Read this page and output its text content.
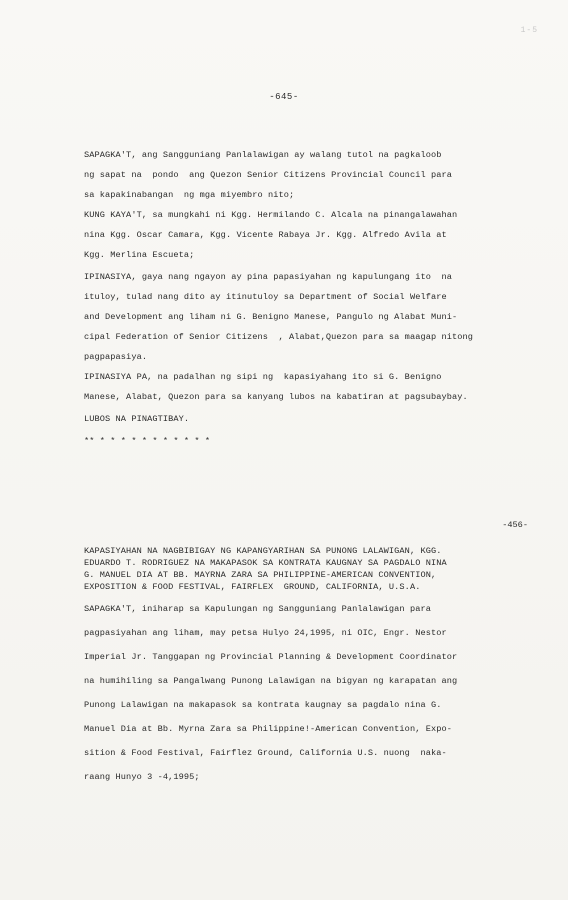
1-5
-645-

SAPAGKA'T, ang Sangguniang Panlalawigan ay walang tutol na pagkaloob

ng sapat na  pondo  ang Quezon Senior Citizens Provincial Council para

sa kapakinabangan  ng mga miyembro nito;

KUNG KAYA'T, sa mungkahi ni Kgg. Hermilando C. Alcala na pinangalawahan

nina Kgg. Oscar Camara, Kgg. Vicente Rabaya Jr. Kgg. Alfredo Avila at

Kgg. Merlina Escueta;

IPINASIYA, gaya nang ngayon ay pina papasiyahan ng kapulungang ito  na

ituloy, tulad nang dito ay itinutuloy sa Department of Social Welfare

and Development ang liham ni G. Benigno Manese, Pangulo ng Alabat Muni-

cipal Federation of Senior Citizens  , Alabat,Quezon para sa maagap nitong

pagpapasiya.

IPINASIYA PA, na padalhan ng sipi ng  kapasiyahang ito si G. Benigno

Manese, Alabat, Quezon para sa kanyang lubos na kabatiran at pagsubaybay.

LUBOS NA PINAGTIBAY.

** * * * * * * * * * * *

-456-

KAPASIYAHAN NA NAGBIBIGAY NG KAPANGYARIHAN SA PUNONG LALAWIGAN, KGG.

EDUARDO T. RODRIGUEZ NA MAKAPASOK SA KONTRATA KAUGNAY SA PAGDALO NINA

G. MANUEL DIA AT BB. MAYRNA ZARA SA PHILIPPINE-AMERICAN CONVENTION,

EXPOSITION & FOOD FESTIVAL, FAIRFLEX  GROUND, CALIFORNIA, U.S.A.

SAPAGKA'T, iniharap sa Kapulungan ng Sangguniang Panlalawigan para

pagpasiyahan ang liham, may petsa Hulyo 24,1995, ni OIC, Engr. Nestor

Imperial Jr. Tanggapan ng Provincial Planning & Development Coordinator

na humihiling sa Pangalwang Punong Lalawigan na bigyan ng karapatan ang

Punong Lalawigan na makapasok sa kontrata kaugnay sa pagdalo nina G.

Manuel Dia at Bb. Myrna Zara sa Philippine!-American Convention, Expo-

sition & Food Festival, Fairflez Ground, California U.S. nuong  naka-

raang Hunyo 3 -4,1995;
